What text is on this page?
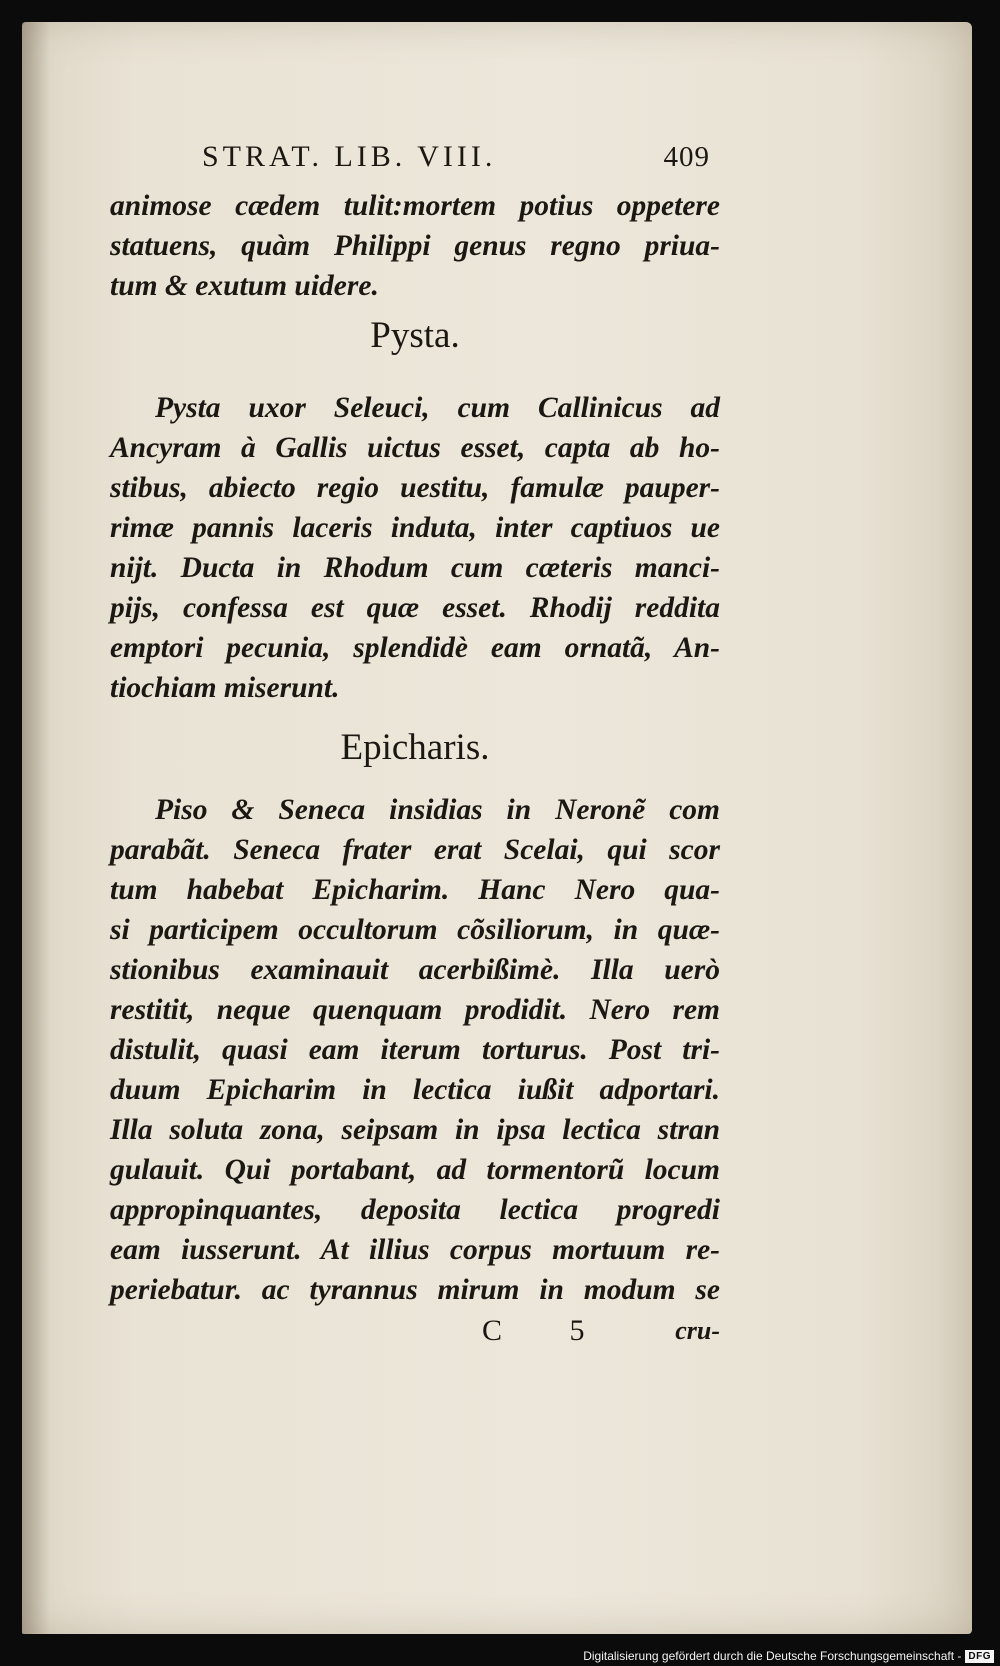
STRAT. LIB. VIII.	409
animose cædem tulit:mortem potius oppetere
statuens, quàm Philippi genus regno priua-
tum & exutum uidere.
Pysta.
Pysta uxor Seleuci, cum Callinicus ad
Ancyram à Gallis uictus esset, capta ab ho-
stibus, abiecto regio uestitu, famulæ pauper-
rimæ pannis laceris induta, inter captiuos ue
nijt. Ducta in Rhodum cum cæteris manci-
pijs, confessa est quæ esset. Rhodij reddita
emptori pecunia, splendidè eam ornatã, An-
tiochiam miserunt.
Epicharis.
Piso & Seneca insidias in Neronẽ com
parabãt. Seneca frater erat Scelai, qui scor
tum habebat Epicharim. Hanc Nero qua-
si participem occultorum cõsiliorum, in quæ-
stionibus examinauit acerbißimè. Illa uerò
restitit, neque quenquam prodidit. Nero rem
distulit, quasi eam iterum torturus. Post tri-
duum Epicharim in lectica iußit adportari.
Illa soluta zona, seipsam in ipsa lectica stran
gulauit. Qui portabant, ad tormentorũ locum
appropinquantes, deposita lectica progredi
eam iusserunt. At illius corpus mortuum re-
periebatur. ac tyrannus mirum in modum se
C 5 cru-
Digitalisierung gefördert durch die Deutsche Forschungsgemeinschaft - DFG
